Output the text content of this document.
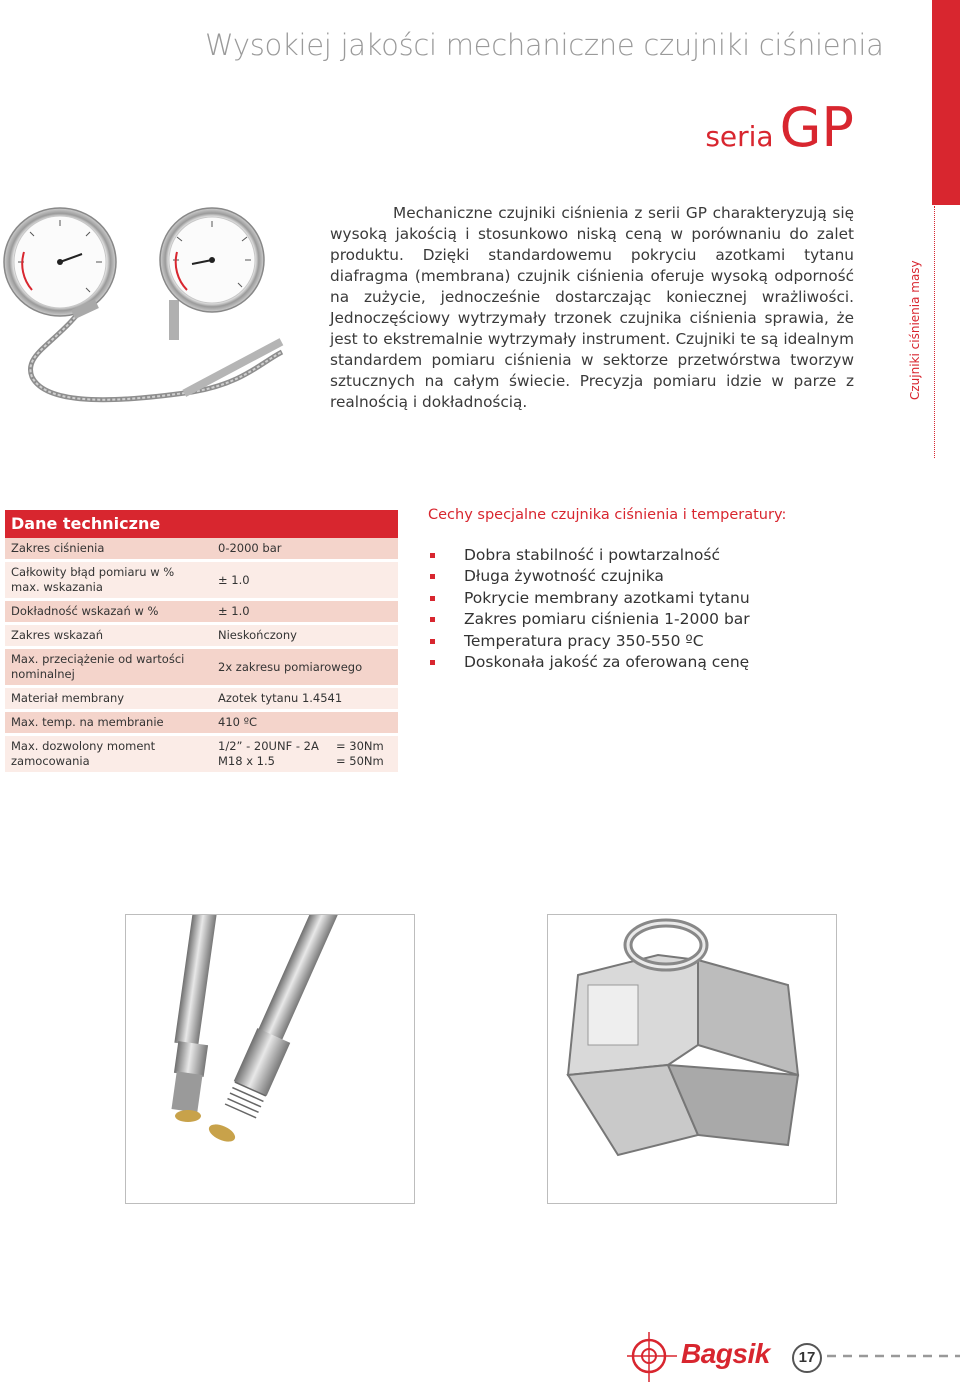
Wysokiej jakości mechaniczne czujniki ciśnienia
seria GP
Czujniki ciśnienia masy

Mechaniczne czujniki ciśnienia z serii GP charakteryzują się wysoką jakością i stosunkowo niską ceną w porównaniu do zalet produktu. Dzięki standardowemu pokryciu azotkami tytanu diafragma (membrana) czujnik ciśnienia oferuje wysoką odporność na zużycie, jednocześnie dostarczając koniecznej wrażliwości. Jednoczęściowy wytrzymały trzonek czujnika ciśnienia sprawia, że jest to ekstremalnie wytrzymały instrument. Czujniki te są idealnym standardem pomiaru ciśnienia w sektorze przetwórstwa tworzyw sztucznych na całym świecie. Precyzja pomiaru idzie w parze z realnością i dokładnością.

Dane techniczne
Zakres ciśnienia	0-2000 bar
Całkowity błąd pomiaru w % max. wskazania	± 1.0
Dokładność wskazań w %	± 1.0
Zakres wskazań	Nieskończony
Max. przeciążenie od wartości nominalnej	2x zakresu pomiarowego
Materiał membrany	Azotek tytanu 1.4541
Max. temp. na membranie	410 ºC
Max. dozwolony moment zamocowania	1/2” - 20UNF - 2A = 30Nm
M18 x 1.5 = 50Nm
Cechy specjalne czujnika ciśnienia i temperatury:
Dobra stabilność i powtarzalność
Długa żywotność czujnika
Pokrycie membrany azotkami tytanu
Zakres pomiaru ciśnienia 1-2000 bar
Temperatura pracy 350-550 ºC
Doskonała jakość za oferowaną cenę
Bagsik	17
